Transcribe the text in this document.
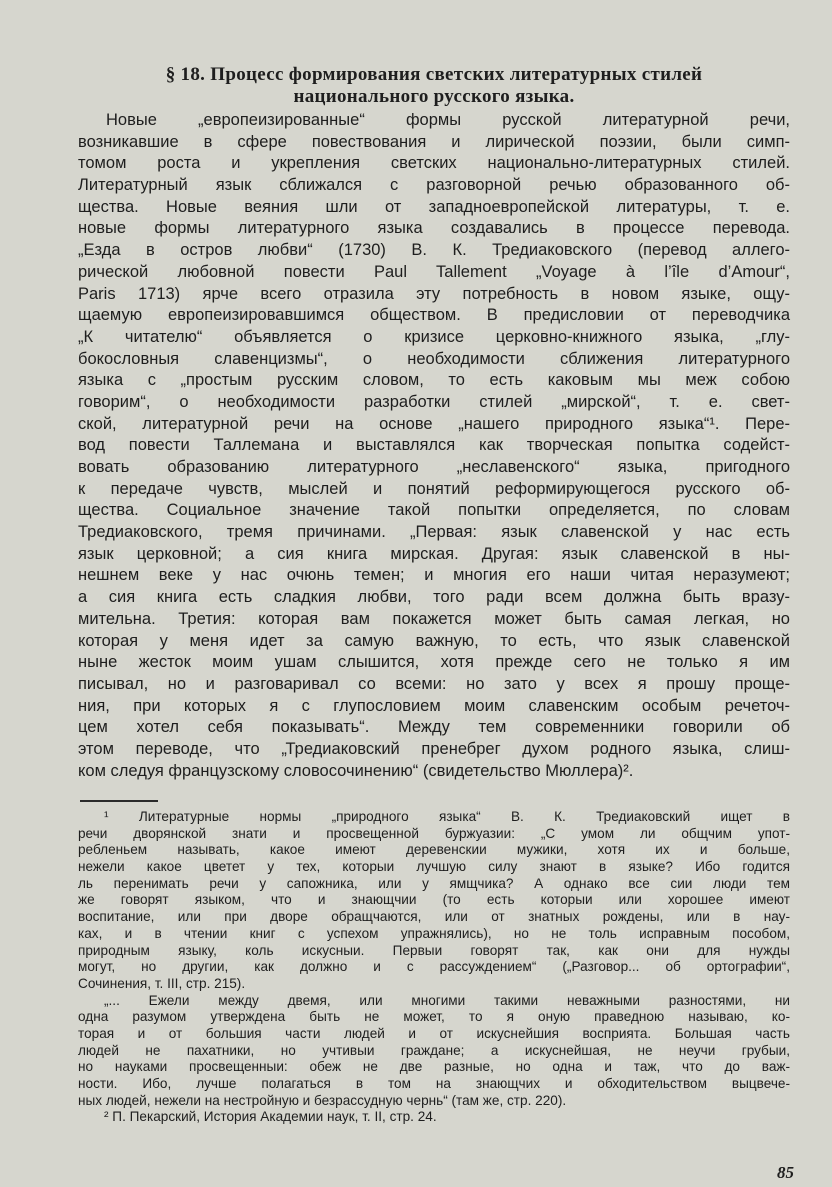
§ 18. Процесс формирования светских литературных стилей
национального русского языка.
Новые „европеизированные“ формы русской литературной речи,
возникавшие в сфере повествования и лирической поэзии, были симп-
томом роста и укрепления светских национально-литературных стилей.
Литературный язык сближался с разговорной речью образованного об-
щества. Новые веяния шли от западноевропейской литературы, т. е.
новые формы литературного языка создавались в процессе перевода.
„Езда в остров любви“ (1730) В. К. Тредиаковского (перевод аллего-
рической любовной повести Paul Tallement „Voyage à l’île d’Amour“,
Paris 1713) ярче всего отразила эту потребность в новом языке, ощу-
щаемую европеизировавшимся обществом. В предисловии от переводчика
„К читателю“ объявляется о кризисе церковно-книжного языка, „глу-
бокословныя славенцизмы“, о необходимости сближения литературного
языка с „простым русским словом, то есть каковым мы меж собою
говорим“, о необходимости разработки стилей „мирской“, т. е. свет-
ской, литературной речи на основе „нашего природного языка“¹. Пере-
вод повести Таллемана и выставлялся как творческая попытка содейст-
вовать образованию литературного „неславенского“ языка, пригодного
к передаче чувств, мыслей и понятий реформирующегося русского об-
щества. Социальное значение такой попытки определяется, по словам
Тредиаковского, тремя причинами. „Первая: язык славенской у нас есть
язык церковной; а сия книга мирская. Другая: язык славенской в ны-
нешнем веке у нас очюнь темен; и многия его наши читая неразумеют;
а сия книга есть сладкия любви, того ради всем должна быть вразу-
мительна. Третия: которая вам покажется может быть самая легкая, но
которая у меня идет за самую важную, то есть, что язык славенской
ныне жесток моим ушам слышится, хотя прежде сего не только я им
писывал, но и разговаривал со всеми: но зато у всех я прошу проще-
ния, при которых я с глупословием моим славенским особым речеточ-
цем хотел себя показывать“. Между тем современники говорили об
этом переводе, что „Тредиаковский пренебрег духом родного языка, слиш-
ком следуя французскому словосочинению“ (свидетельство Мюллера)².
¹ Литературные нормы „природного языка“ В. К. Тредиаковский ищет в
речи дворянской знати и просвещенной буржуазии: „С умом ли общчим упот-
ребленьем называть, какое имеют деревенскии мужики, хотя их и больше,
нежели какое цветет у тех, которыи лучшую силу знают в языке? Ибо годится
ль перенимать речи у сапожника, или у ямщчика? А однако все сии люди тем
же говорят языком, что и знающчии (то есть которыи или хорошее имеют
воспитание, или при дворе обращчаются, или от знатных рождены, или в нау-
ках, и в чтении книг с успехом упражнялись), но не толь исправным пособом,
природным языку, коль искусныи. Первыи говорят так, как они для нужды
могут, но другии, как должно и с рассуждением“ („Разговор... об ортографии“,
Сочинения, т. III, стр. 215).
„... Ежели между двемя, или многими такими неважными разностями, ни
одна разумом утверждена быть не может, то я оную праведною называю, ко-
торая и от большия части людей и от искуснейшия восприята. Большая часть
людей не пахатники, но учтивыи граждане; а искуснейшая, не неучи грубыи,
но науками просвещенныи: обеж не две разные, но одна и таж, что до важ-
ности. Ибо, лучше полагаться в том на знающчих и обходительством выцвече-
ных людей, нежели на нестройную и безрассудную чернь“ (там же, стр. 220).
² П. Пекарский, История Академии наук, т. II, стр. 24.
85
